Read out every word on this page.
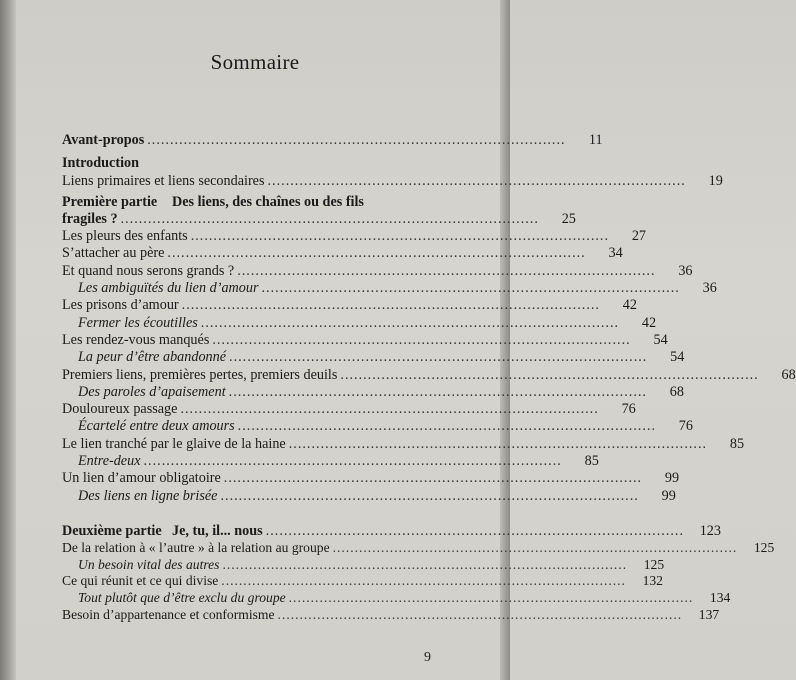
Sommaire
Avant-propos ............................................................................................	11
Introduction
Liens primaires et liens secondaires ............................................................................................	19
Première partie	Des liens, des chaînes ou des fils
fragiles ? ............................................................................................	25
Les pleurs des enfants ............................................................................................	27
S’attacher au père ............................................................................................	34
Et quand nous serons grands ? ............................................................................................	36
Les ambiguïtés du lien d’amour ............................................................................................	36
Les prisons d’amour ............................................................................................	42
Fermer les écoutilles ............................................................................................	42
Les rendez-vous manqués ............................................................................................	54
La peur d’être abandonné ............................................................................................	54
Premiers liens, premières pertes, premiers deuils ............................................................................................	68
Des paroles d’apaisement ............................................................................................	68
Douloureux passage ............................................................................................	76
Écartelé entre deux amours ............................................................................................	76
Le lien tranché par le glaive de la haine ............................................................................................	85
Entre-deux ............................................................................................	85
Un lien d’amour obligatoire ............................................................................................	99
Des liens en ligne brisée ............................................................................................	99
Deuxième partie Je, tu, il... nous ............................................................................................	123
De la relation à « l’autre » à la relation au groupe ............................................................................................	125
Un besoin vital des autres ............................................................................................	125
Ce qui réunit et ce qui divise ............................................................................................	132
Tout plutôt que d’être exclu du groupe ............................................................................................	134
Besoin d’appartenance et conformisme ............................................................................................	137
9
